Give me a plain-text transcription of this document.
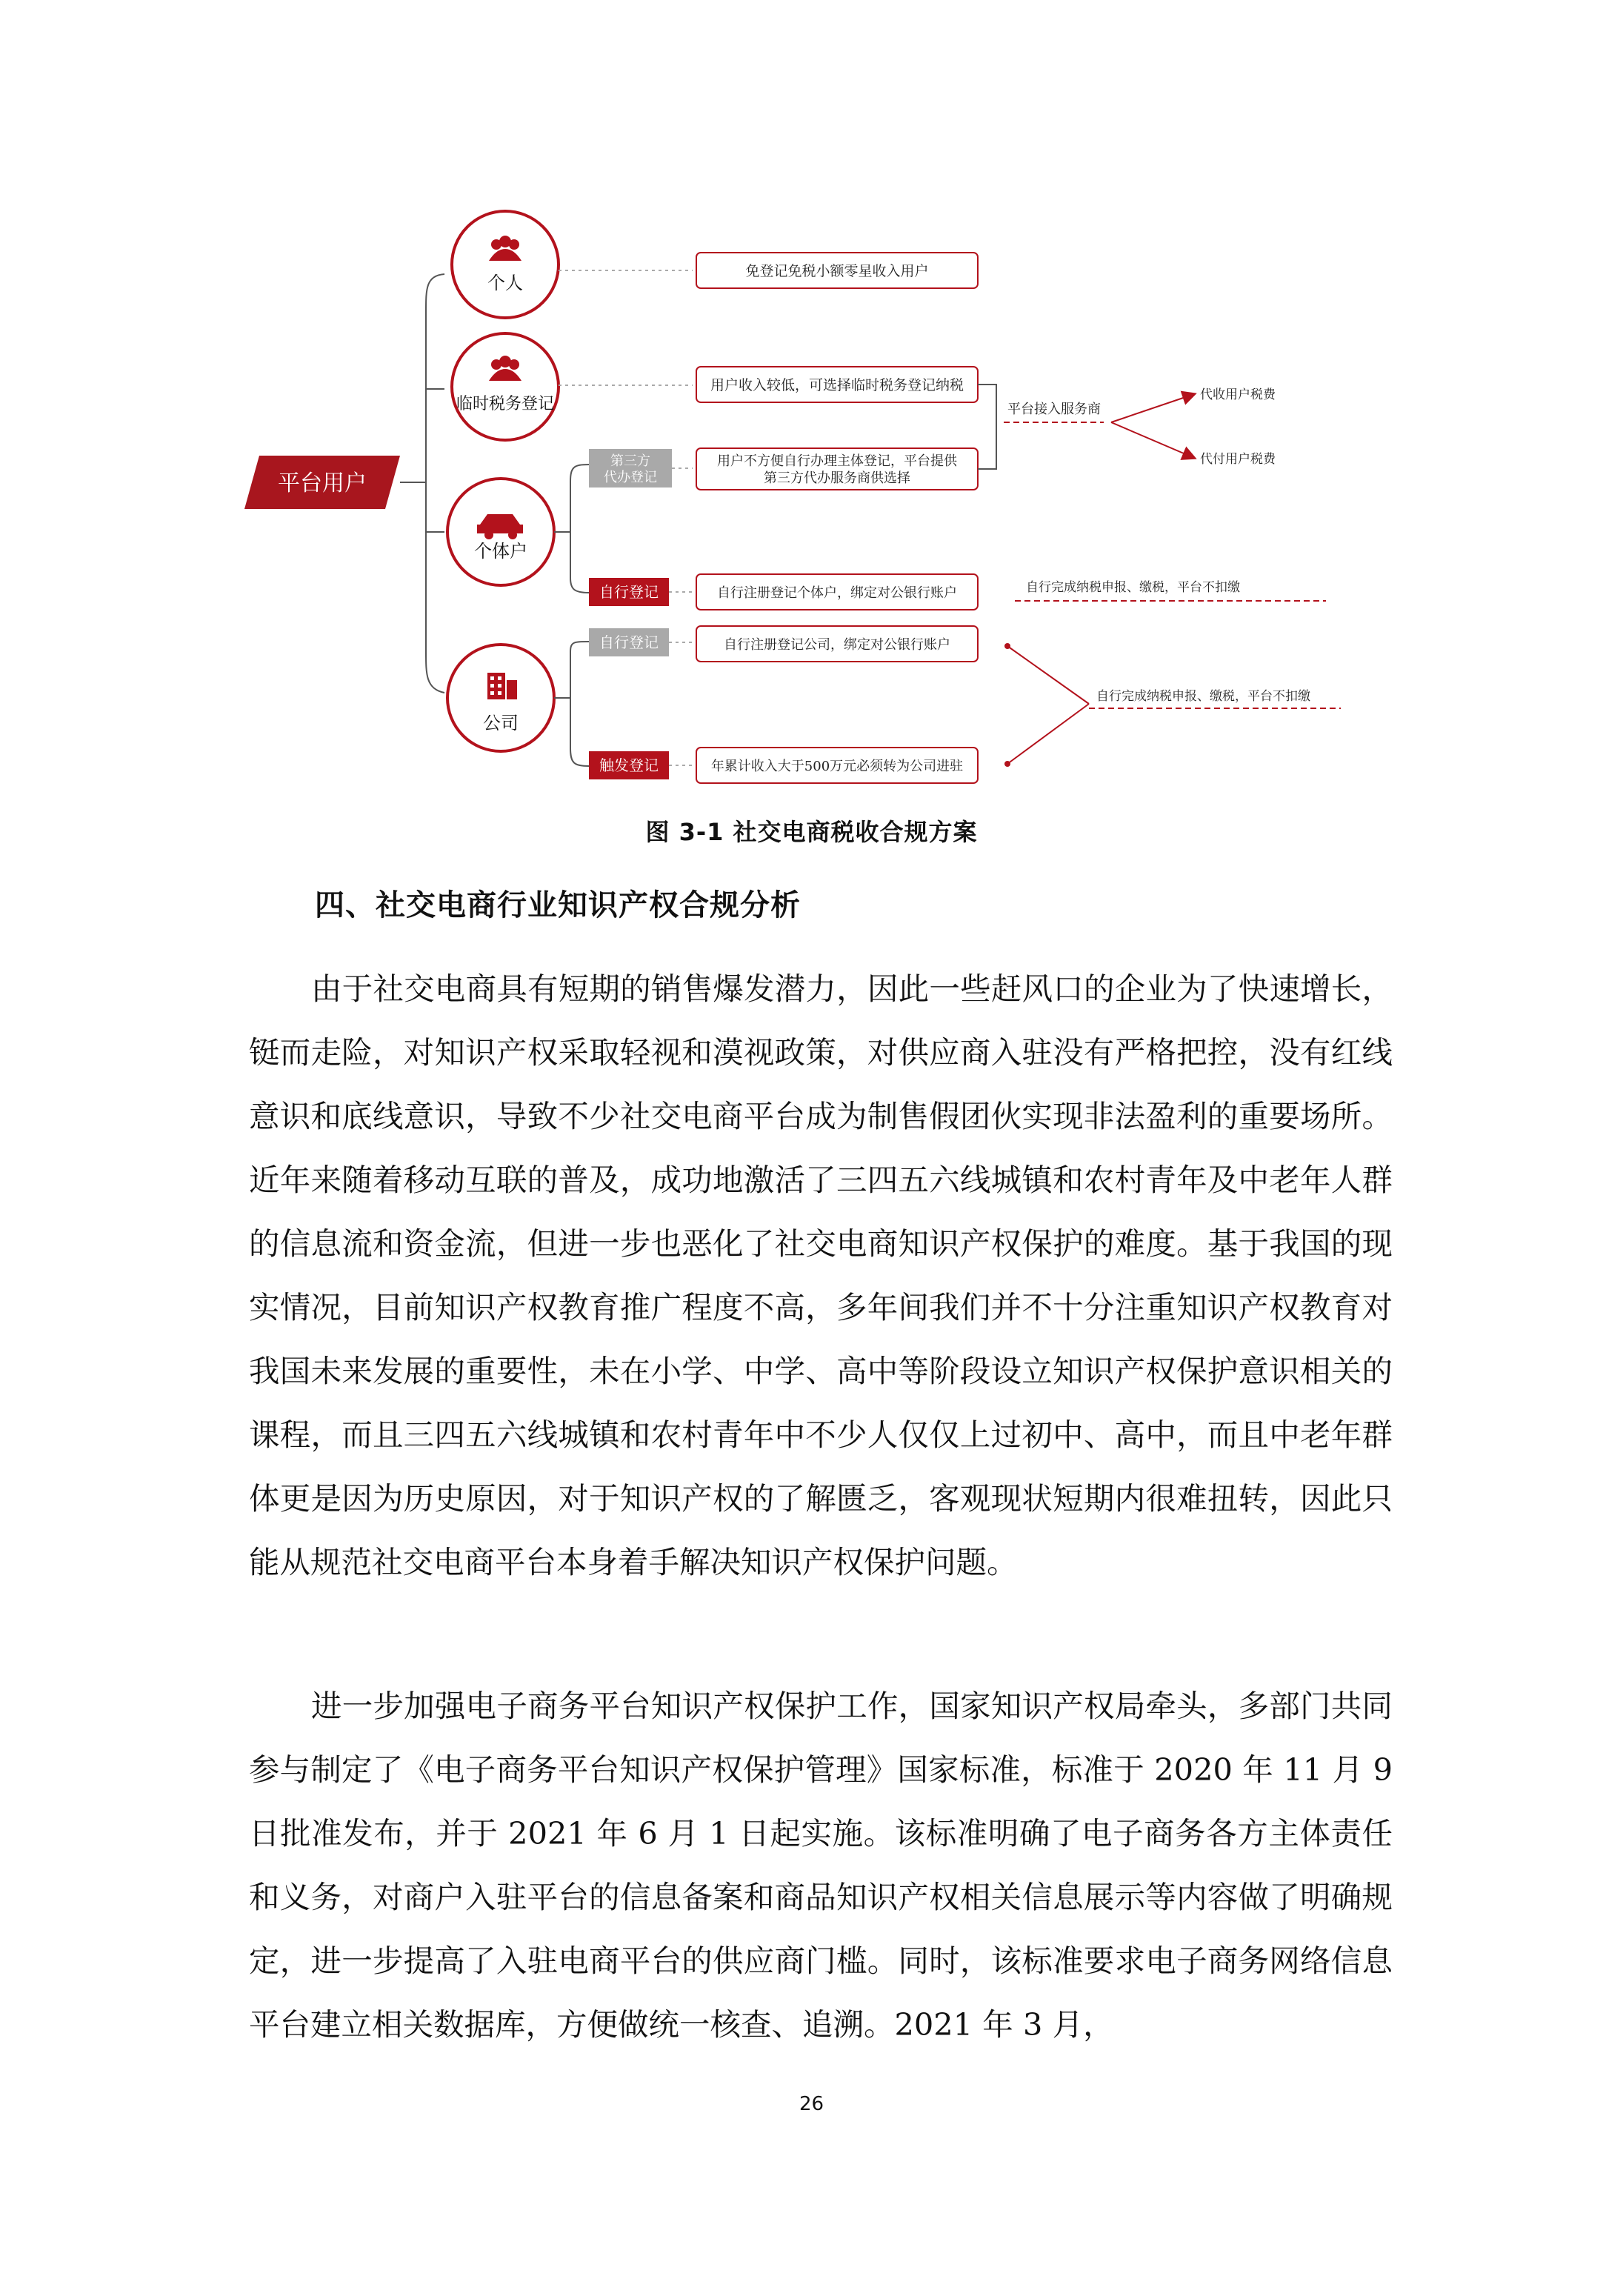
平台用户
个人
临时税务登记
个体户
公司
第三方
代办登记
自行登记
自行登记
触发登记
免登记免税小额零星收入用户
用户收入较低，可选择临时税务登记纳税
用户不方便自行办理主体登记，平台提供
第三方代办服务商供选择
自行注册登记个体户，绑定对公银行账户
自行注册登记公司，绑定对公银行账户
年累计收入大于500万元必须转为公司进驻
平台接入服务商
代收用户税费
代付用户税费
自行完成纳税申报、缴税，平台不扣缴
自行完成纳税申报、缴税，平台不扣缴
图 3-1 社交电商税收合规方案
四、社交电商行业知识产权合规分析

由于社交电商具有短期的销售爆发潜力，因此一些赶风口的企业为了快速增长，铤而走险，对知识产权采取轻视和漠视政策，对供应商入驻没有严格把控，没有红线意识和底线意识，导致不少社交电商平台成为制售假团伙实现非法盈利的重要场所。近年来随着移动互联的普及，成功地激活了三四五六线城镇和农村青年及中老年人群的信息流和资金流，但进一步也恶化了社交电商知识产权保护的难度。基于我国的现实情况，目前知识产权教育推广程度不高，多年间我们并不十分注重知识产权教育对我国未来发展的重要性，未在小学、中学、高中等阶段设立知识产权保护意识相关的课程，而且三四五六线城镇和农村青年中不少人仅仅上过初中、高中，而且中老年群体更是因为历史原因，对于知识产权的了解匮乏，客观现状短期内很难扭转，因此只能从规范社交电商平台本身着手解决知识产权保护问题。

进一步加强电子商务平台知识产权保护工作，国家知识产权局牵头，多部门共同参与制定了《电子商务平台知识产权保护管理》国家标准，标准于 2020 年 11 月 9 日批准发布，并于 2021 年 6 月 1 日起实施。该标准明确了电子商务各方主体责任和义务，对商户入驻平台的信息备案和商品知识产权相关信息展示等内容做了明确规定，进一步提高了入驻电商平台的供应商门槛。同时，该标准要求电子商务网络信息平台建立相关数据库，方便做统一核查、追溯。2021 年 3 月，

26
